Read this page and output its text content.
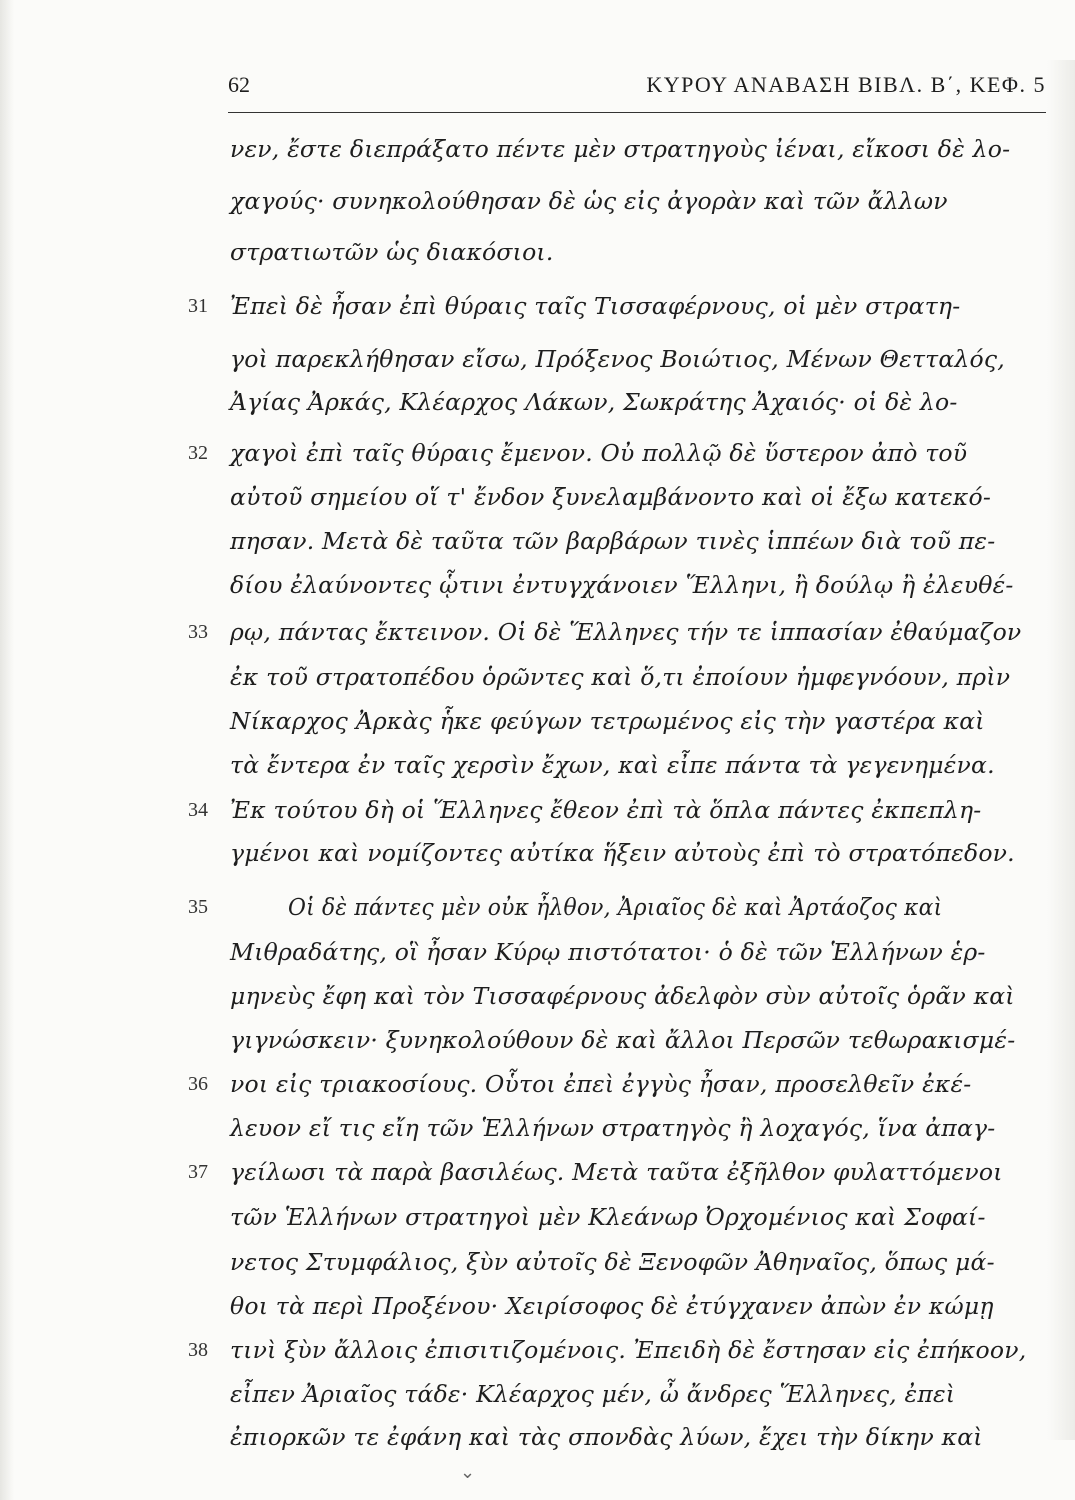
62	ΚΥΡΟΥ ΑΝΑΒΑΣΗ ΒΙΒΛ. Β΄, ΚΕΦ. 5
νεν, ἔστε διεπράξατο πέντε μὲν στρατηγοὺς ἰέναι, εἴκοσι δὲ λο-
χαγούς· συνηκολούθησαν δὲ ὡς εἰς ἀγορὰν καὶ τῶν ἄλλων
στρατιωτῶν ὡς διακόσιοι.
31 Ἐπεὶ δὲ ἦσαν ἐπὶ θύραις ταῖς Τισσαφέρνους, οἱ μὲν στρατη-
γοὶ παρεκλήθησαν εἴσω, Πρόξενος Βοιώτιος, Μένων Θετταλός,
Ἀγίας Ἀρκάς, Κλέαρχος Λάκων, Σωκράτης Ἀχαιός· οἱ δὲ λο-
32 χαγοὶ ἐπὶ ταῖς θύραις ἔμενον. Οὐ πολλῷ δὲ ὕστερον ἀπὸ τοῦ
αὐτοῦ σημείου οἵ τ' ἔνδον ξυνελαμβάνοντο καὶ οἱ ἔξω κατεκό-
πησαν. Μετὰ δὲ ταῦτα τῶν βαρβάρων τινὲς ἱππέων διὰ τοῦ πε-
δίου ἐλαύνοντες ᾧτινι ἐντυγχάνοιεν Ἕλληνι, ἢ δούλῳ ἢ ἐλευθέ-
33 ρῳ, πάντας ἔκτεινον. Οἱ δὲ Ἕλληνες τήν τε ἱππασίαν ἐθαύμαζον
ἐκ τοῦ στρατοπέδου ὁρῶντες καὶ ὅ,τι ἐποίουν ἠμφεγνόουν, πρὶν
Νίκαρχος Ἀρκὰς ἧκε φεύγων τετρωμένος εἰς τὴν γαστέρα καὶ
τὰ ἔντερα ἐν ταῖς χερσὶν ἔχων, καὶ εἶπε πάντα τὰ γεγενημένα.
34 Ἐκ τούτου δὴ οἱ Ἕλληνες ἔθεον ἐπὶ τὰ ὅπλα πάντες ἐκπεπλη-
γμένοι καὶ νομίζοντες αὐτίκα ἥξειν αὐτοὺς ἐπὶ τὸ στρατόπεδον.
35	Οἱ δὲ πάντες μὲν οὐκ ἦλθον, Ἀριαῖος δὲ καὶ Ἀρτάοζος καὶ
Μιθραδάτης, οἳ ἦσαν Κύρῳ πιστότατοι· ὁ δὲ τῶν Ἑλλήνων ἑρ-
μηνεὺς ἔφη καὶ τὸν Τισσαφέρνους ἀδελφὸν σὺν αὐτοῖς ὁρᾶν καὶ
γιγνώσκειν· ξυνηκολούθουν δὲ καὶ ἄλλοι Περσῶν τεθωρακισμέ-
36 νοι εἰς τριακοσίους. Οὗτοι ἐπεὶ ἐγγὺς ἦσαν, προσελθεῖν ἐκέ-
λευον εἴ τις εἴη τῶν Ἑλλήνων στρατηγὸς ἢ λοχαγός, ἵνα ἀπαγ-
37 γείλωσι τὰ παρὰ βασιλέως. Μετὰ ταῦτα ἐξῆλθον φυλαττόμενοι
τῶν Ἑλλήνων στρατηγοὶ μὲν Κλεάνωρ Ὀρχομένιος καὶ Σοφαί-
νετος Στυμφάλιος, ξὺν αὐτοῖς δὲ Ξενοφῶν Ἀθηναῖος, ὅπως μά-
θοι τὰ περὶ Προξένου· Χειρίσοφος δὲ ἐτύγχανεν ἀπὼν ἐν κώμῃ
38 τινὶ ξὺν ἄλλοις ἐπισιτιζομένοις. Ἐπειδὴ δὲ ἔστησαν εἰς ἐπήκοον,
εἶπεν Ἀριαῖος τάδε· Κλέαρχος μέν, ὦ ἄνδρες Ἕλληνες, ἐπεὶ
ἐπιορκῶν τε ἐφάνη καὶ τὰς σπονδὰς λύων, ἔχει τὴν δίκην καὶ
⌄
